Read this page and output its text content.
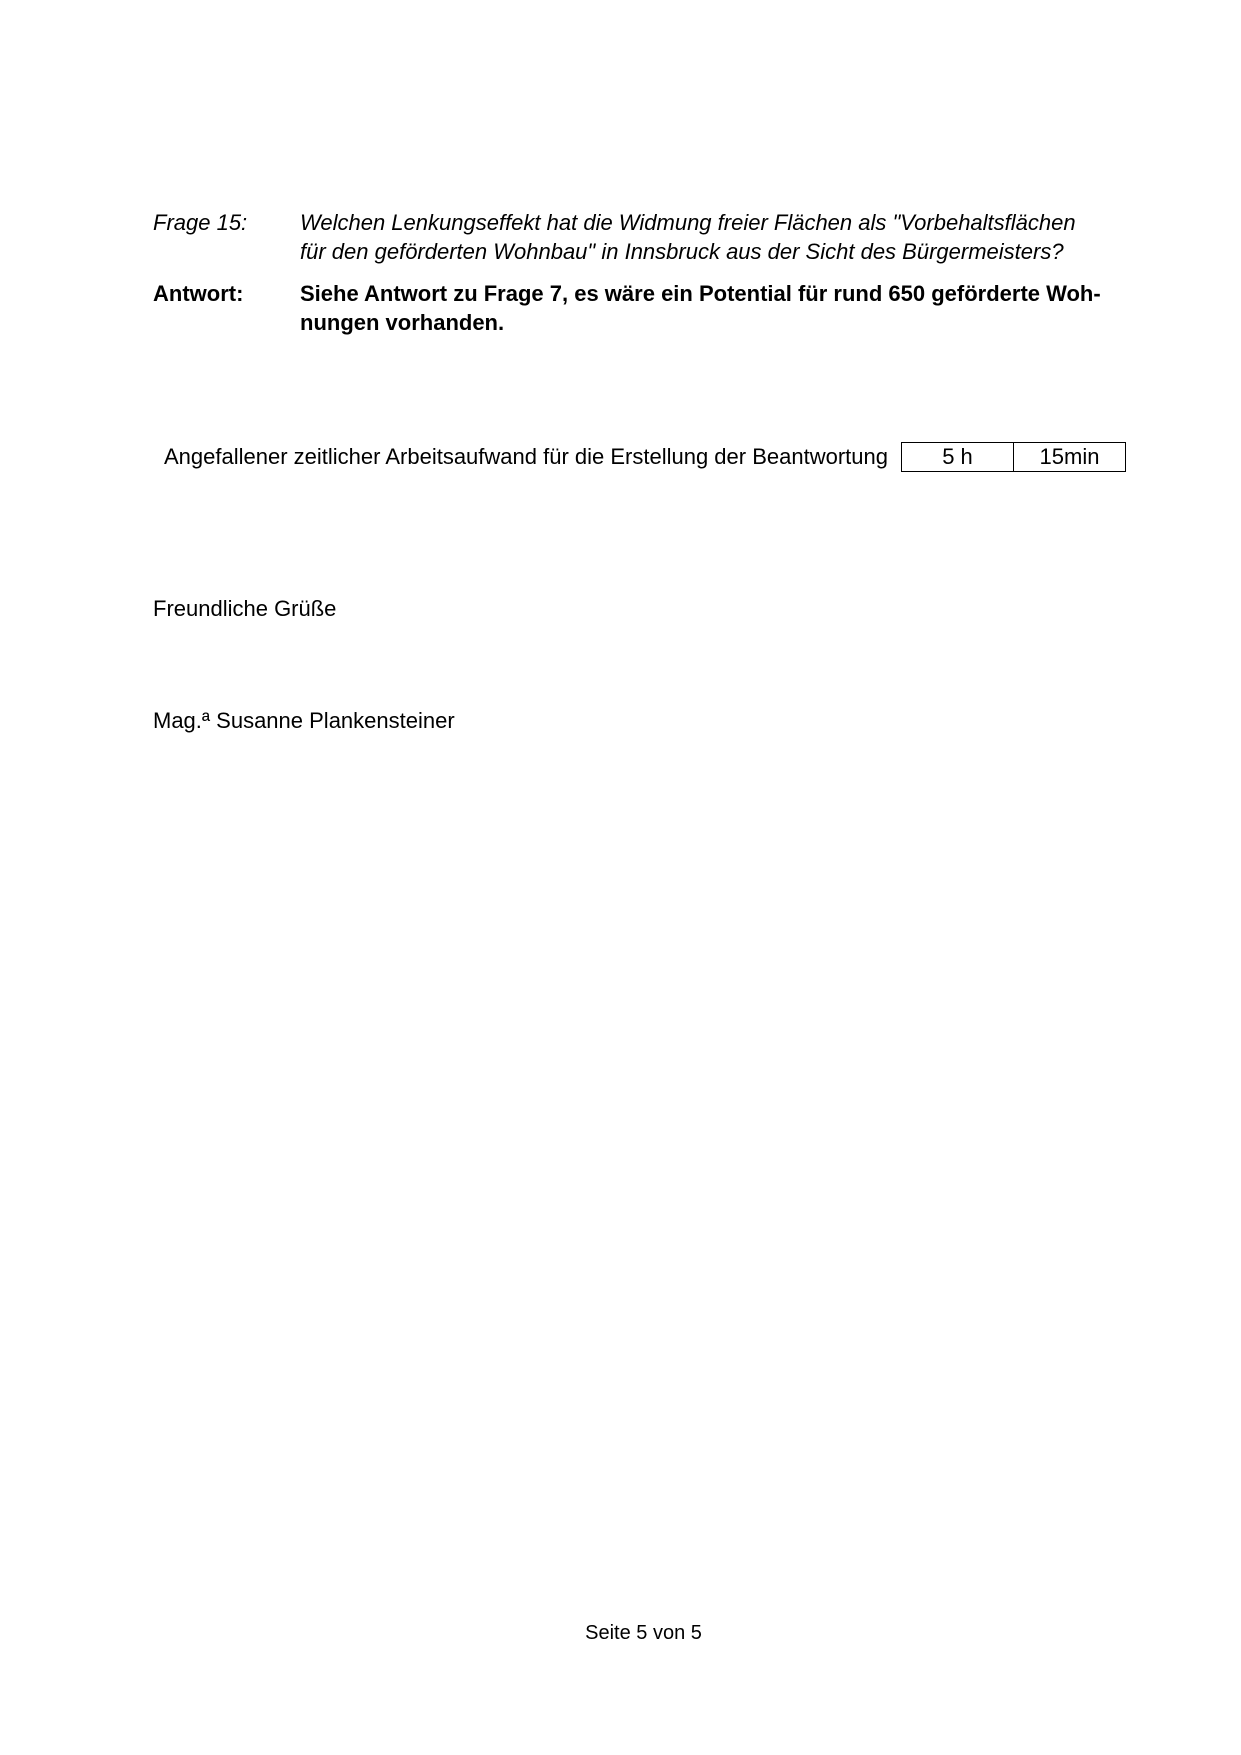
Frage 15:	Welchen Lenkungseffekt hat die Widmung freier Flächen als "Vorbehaltsflächen
für den geförderten Wohnbau" in Innsbruck aus der Sicht des Bürgermeisters?
Antwort:	Siehe Antwort zu Frage 7, es wäre ein Potential für rund 650 geförderte Woh-
nungen vorhanden.
Angefallener zeitlicher Arbeitsaufwand für die Erstellung der Beantwortung	5 h	15min
Freundliche Grüße
Mag.ª Susanne Plankensteiner
Seite 5 von 5
